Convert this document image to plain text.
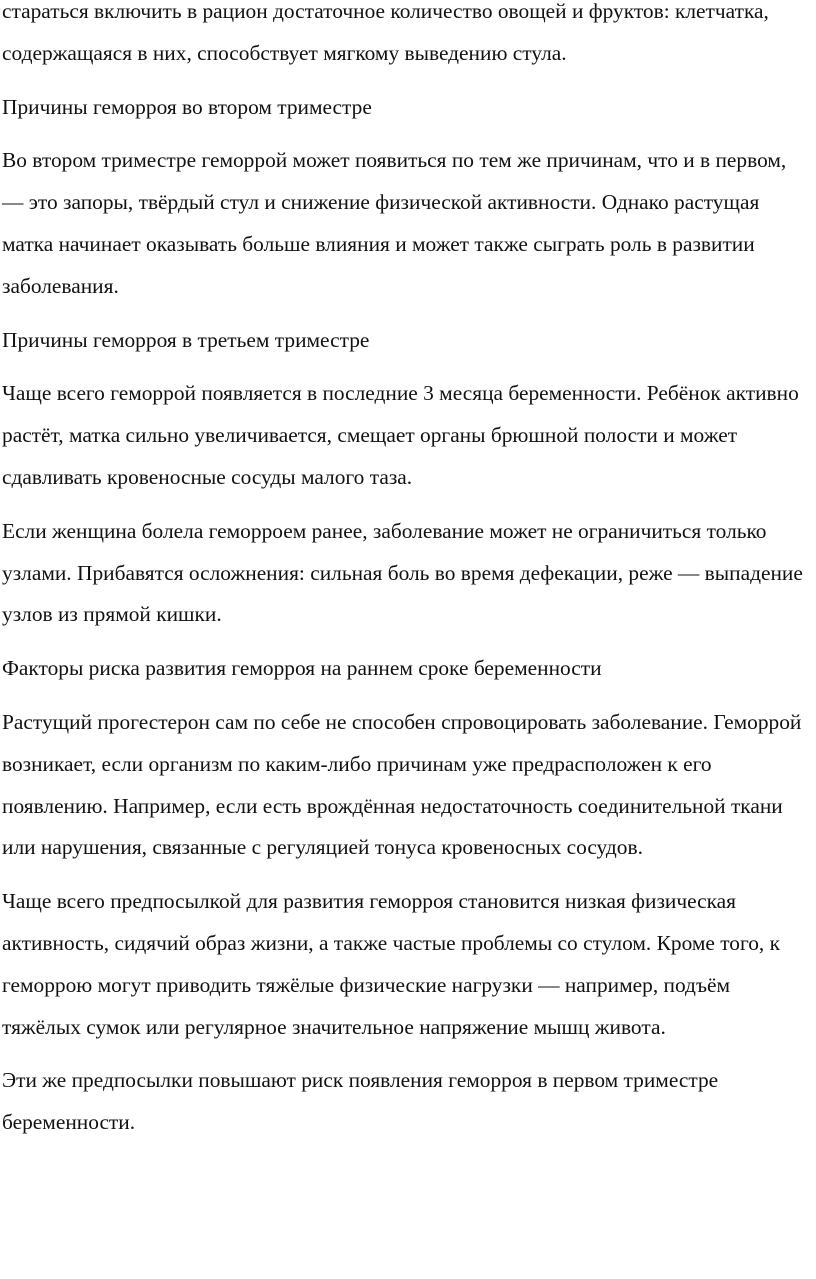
стараться включить в рацион достаточное количество овощей и фруктов: клетчатка, содержащаяся в них, способствует мягкому выведению стула.

Причины геморроя во втором триместре

Во втором триместре геморрой может появиться по тем же причинам, что и в первом, — это запоры, твёрдый стул и снижение физической активности. Однако растущая матка начинает оказывать больше влияния и может также сыграть роль в развитии заболевания.

Причины геморроя в третьем триместре

Чаще всего геморрой появляется в последние 3 месяца беременности. Ребёнок активно растёт, матка сильно увеличивается, смещает органы брюшной полости и может сдавливать кровеносные сосуды малого таза.

Если женщина болела геморроем ранее, заболевание может не ограничиться только узлами. Прибавятся осложнения: сильная боль во время дефекации, реже — выпадение узлов из прямой кишки.

Факторы риска развития геморроя на раннем сроке беременности

Растущий прогестерон сам по себе не способен спровоцировать заболевание. Геморрой возникает, если организм по каким-либо причинам уже предрасположен к его появлению. Например, если есть врождённая недостаточность соединительной ткани или нарушения, связанные с регуляцией тонуса кровеносных сосудов.

Чаще всего предпосылкой для развития геморроя становится низкая физическая активность, сидячий образ жизни, а также частые проблемы со стулом. Кроме того, к геморрою могут приводить тяжёлые физические нагрузки — например, подъём тяжёлых сумок или регулярное значительное напряжение мышц живота.

Эти же предпосылки повышают риск появления геморроя в первом триместре беременности.
